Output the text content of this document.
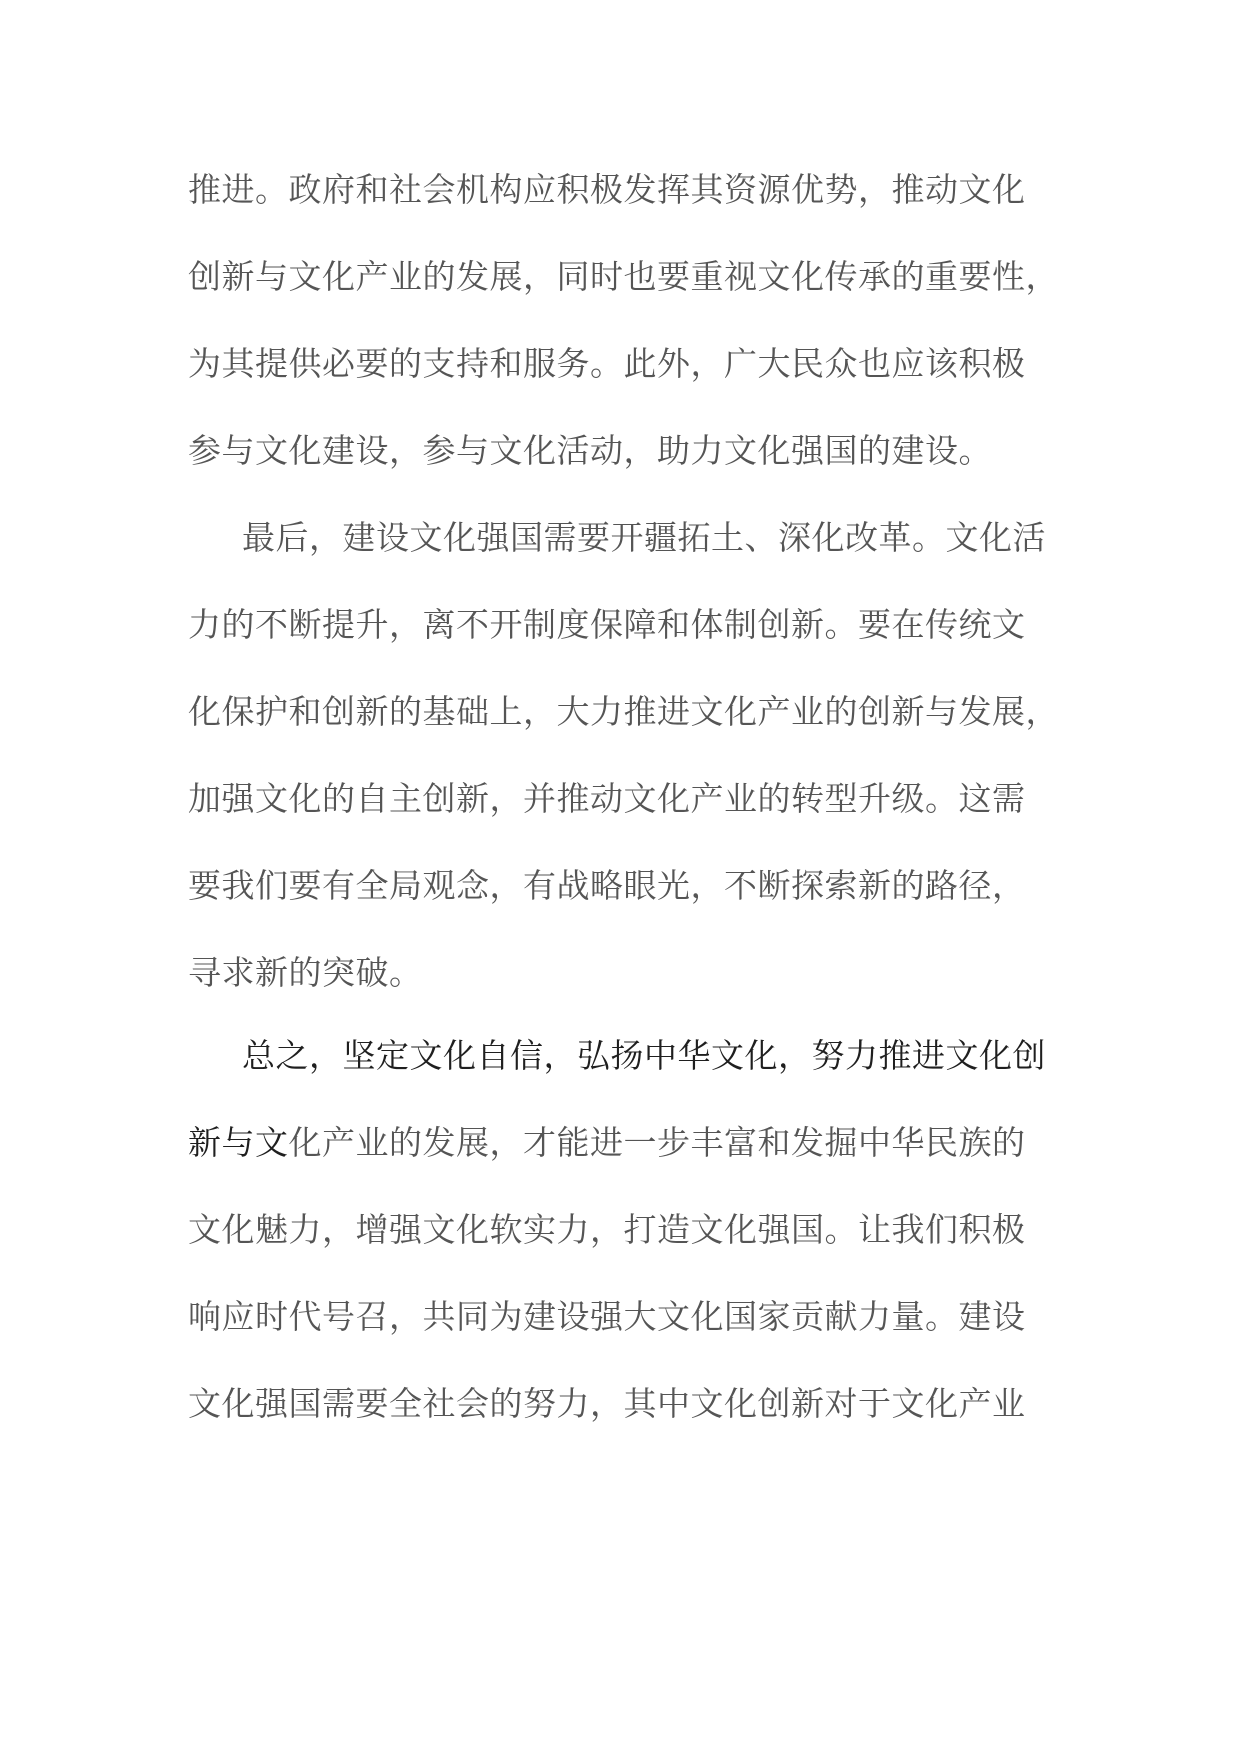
推进。政府和社会机构应积极发挥其资源优势，推动文化
创新与文化产业的发展，同时也要重视文化传承的重要性，
为其提供必要的支持和服务。此外，广大民众也应该积极
参与文化建设，参与文化活动，助力文化强国的建设。
最后，建设文化强国需要开疆拓土、深化改革。文化活
力的不断提升，离不开制度保障和体制创新。要在传统文
化保护和创新的基础上，大力推进文化产业的创新与发展，
加强文化的自主创新，并推动文化产业的转型升级。这需
要我们要有全局观念，有战略眼光，不断探索新的路径，
寻求新的突破。
总之，坚定文化自信，弘扬中华文化，努力推进文化创
新与文化产业的发展，才能进一步丰富和发掘中华民族的
文化魅力，增强文化软实力，打造文化强国。让我们积极
响应时代号召，共同为建设强大文化国家贡献力量。建设
文化强国需要全社会的努力，其中文化创新对于文化产业
